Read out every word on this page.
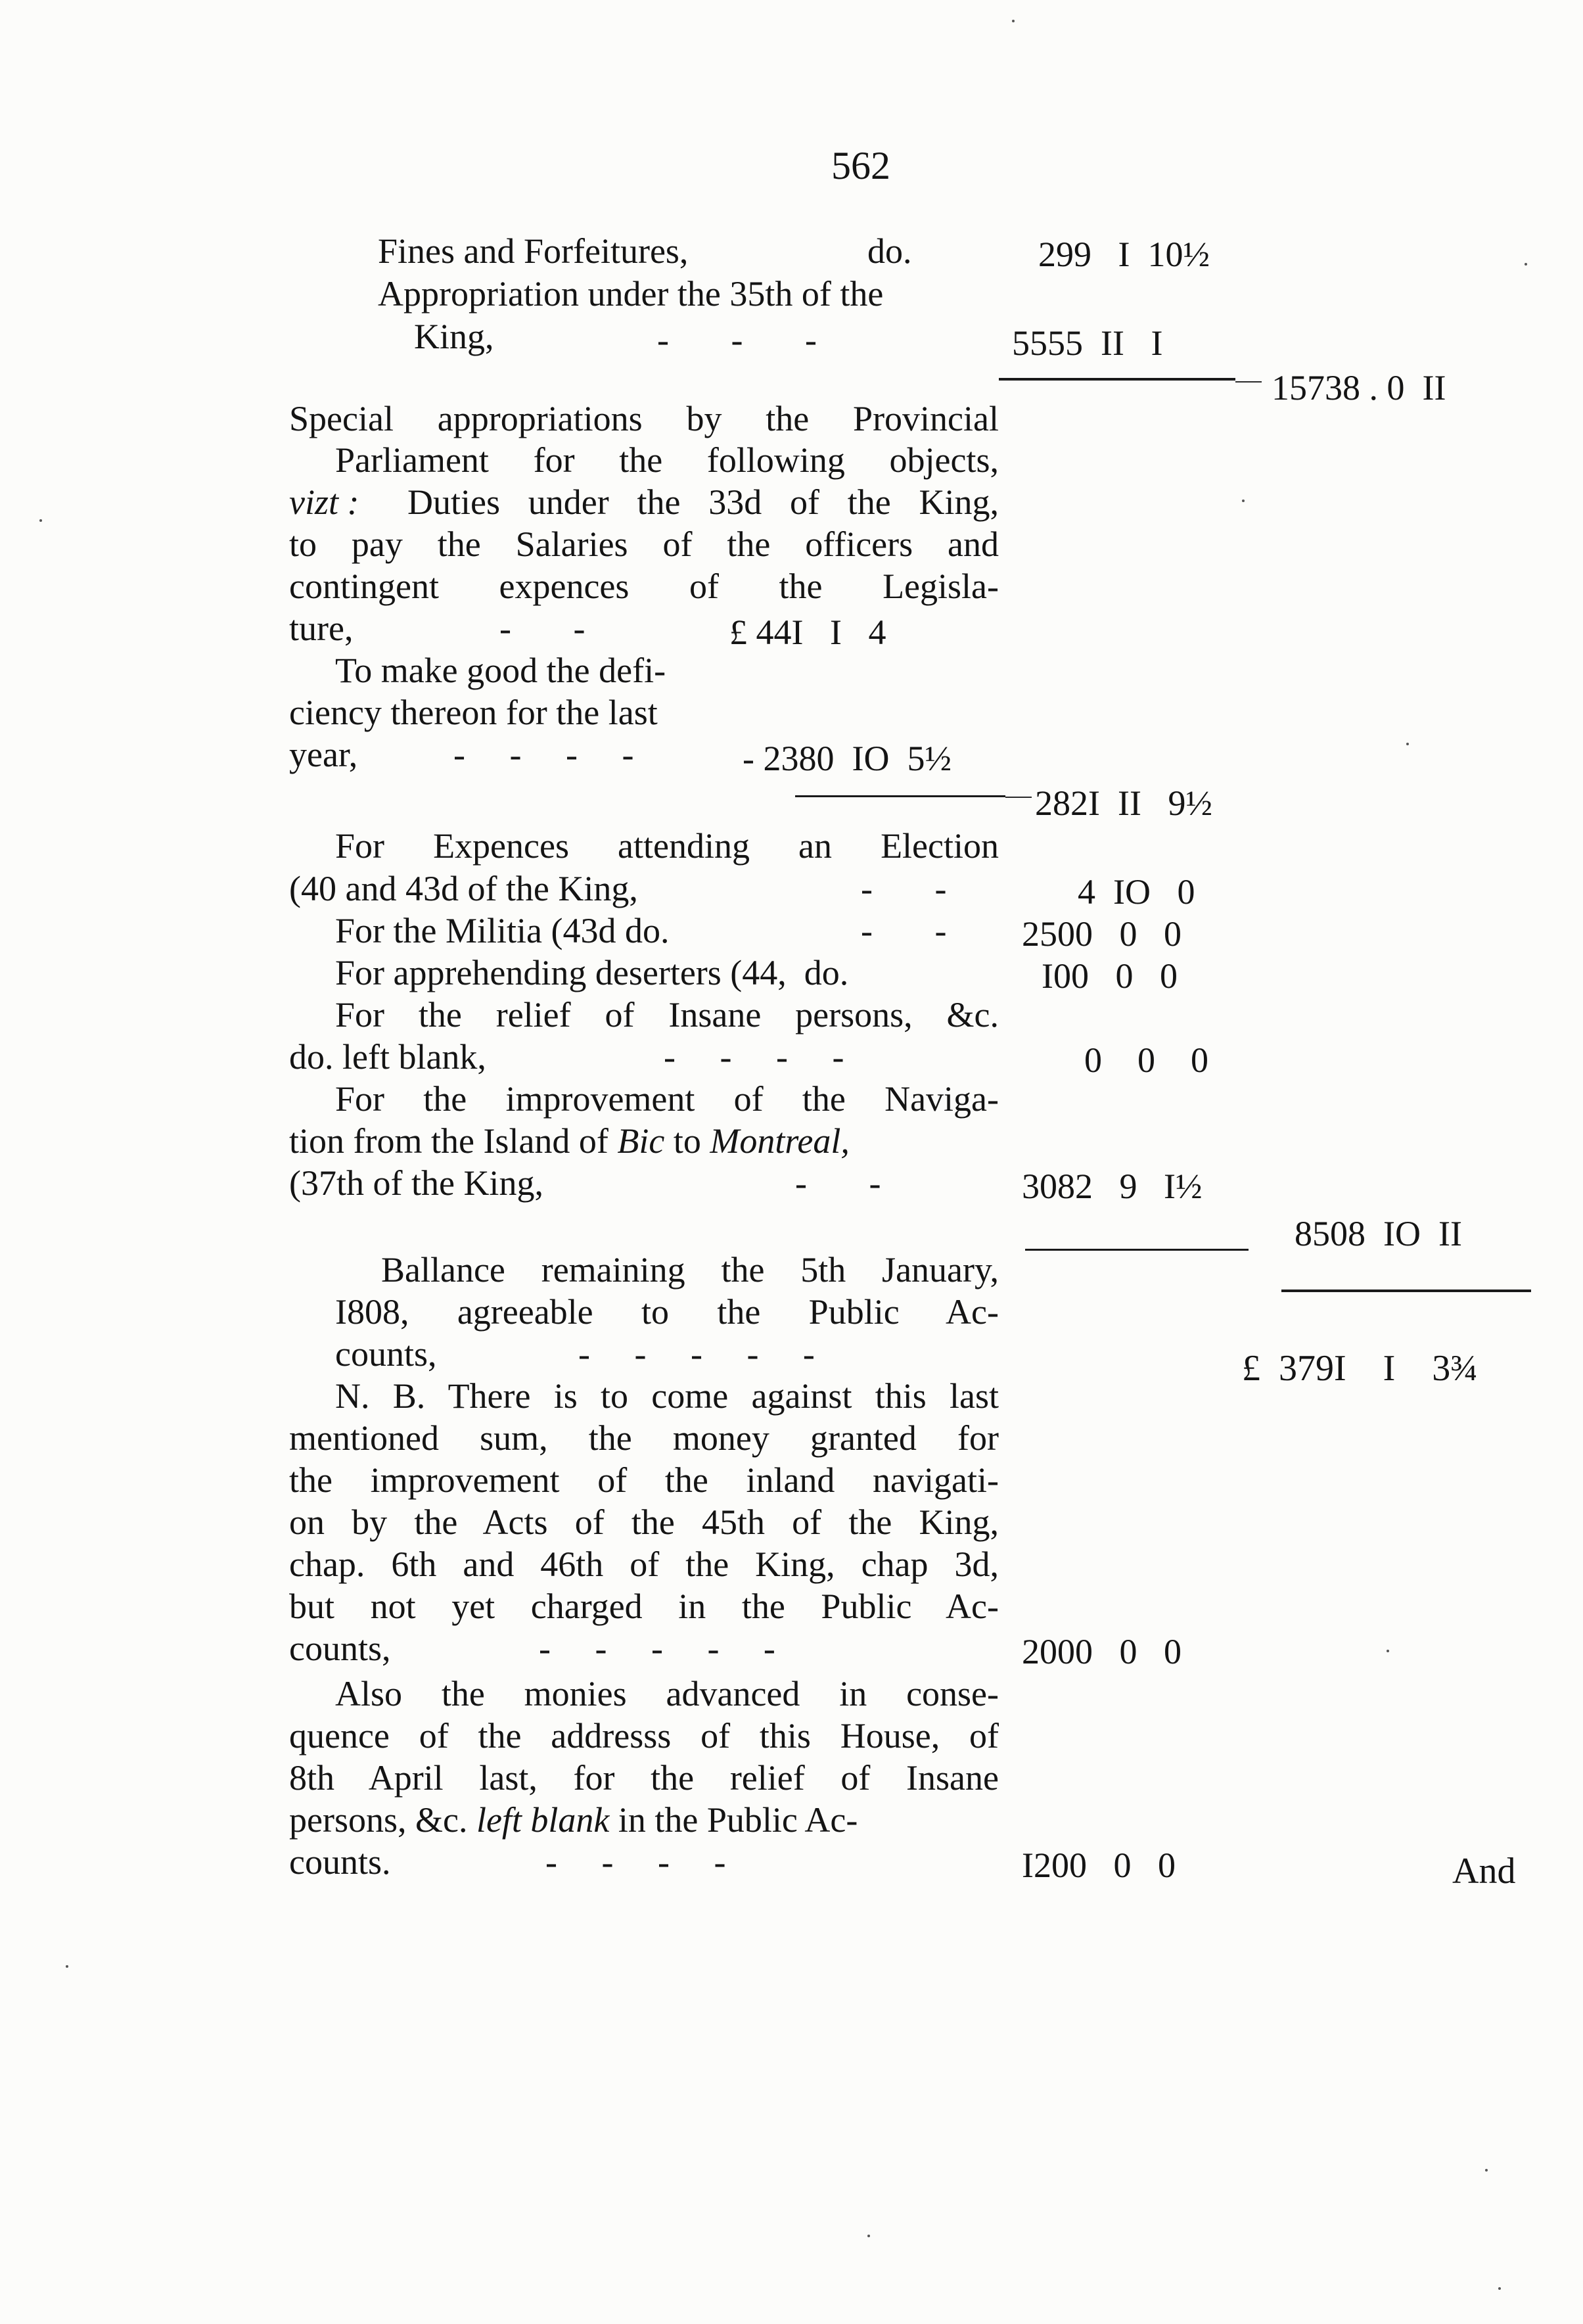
562
Fines and Forfeitures,	do.	299   I  10½
Appropriation under the 35th of the
King,	-       -       -	5555  II   I
15738 . 0  II
Special appropriations by the Provincial
Parliament for the following objects,
vizt : Duties under the 33d of the King,
to pay the Salaries of the officers and
contingent expences of the Legisla-
ture,	-       -	£ 44I   I   4
To make good the defi-
ciency thereon for the last
year,	-     -     -     -	- 2380  IO  5½
282I  II   9½
For Expences attending an Election
(40 and 43d of the King,	-       -	4  IO   0
For the Militia (43d do.	-       - 2500   0   0
For apprehending deserters (44,  do.	I00   0   0
For the relief of Insane persons, &c.
do. left blank,	-     -     -     -	0    0    0
For the improvement of the Naviga-
tion from the Island of Bic to Montreal,
(37th of the King,	-       -	3082   9   I½
8508  IO  II
Ballance remaining the 5th January,
I808, agreeable to the Public Ac-
counts,	-     -     -     -     -	£  379I    I    3¾
N. B. There is to come against this last
mentioned sum, the money granted for
the improvement of the inland navigati-
on by the Acts of the 45th of the King,
chap. 6th and 46th of the King, chap 3d,
but not yet charged in the Public Ac-
counts,	-     -     -     -     -	2000   0   0
Also the monies advanced in conse-
quence of the addresss of this House, of
8th April last, for the relief of Insane
persons, &c. left blank in the Public Ac-
counts.	-     -     -     -	I200   0   0	And
